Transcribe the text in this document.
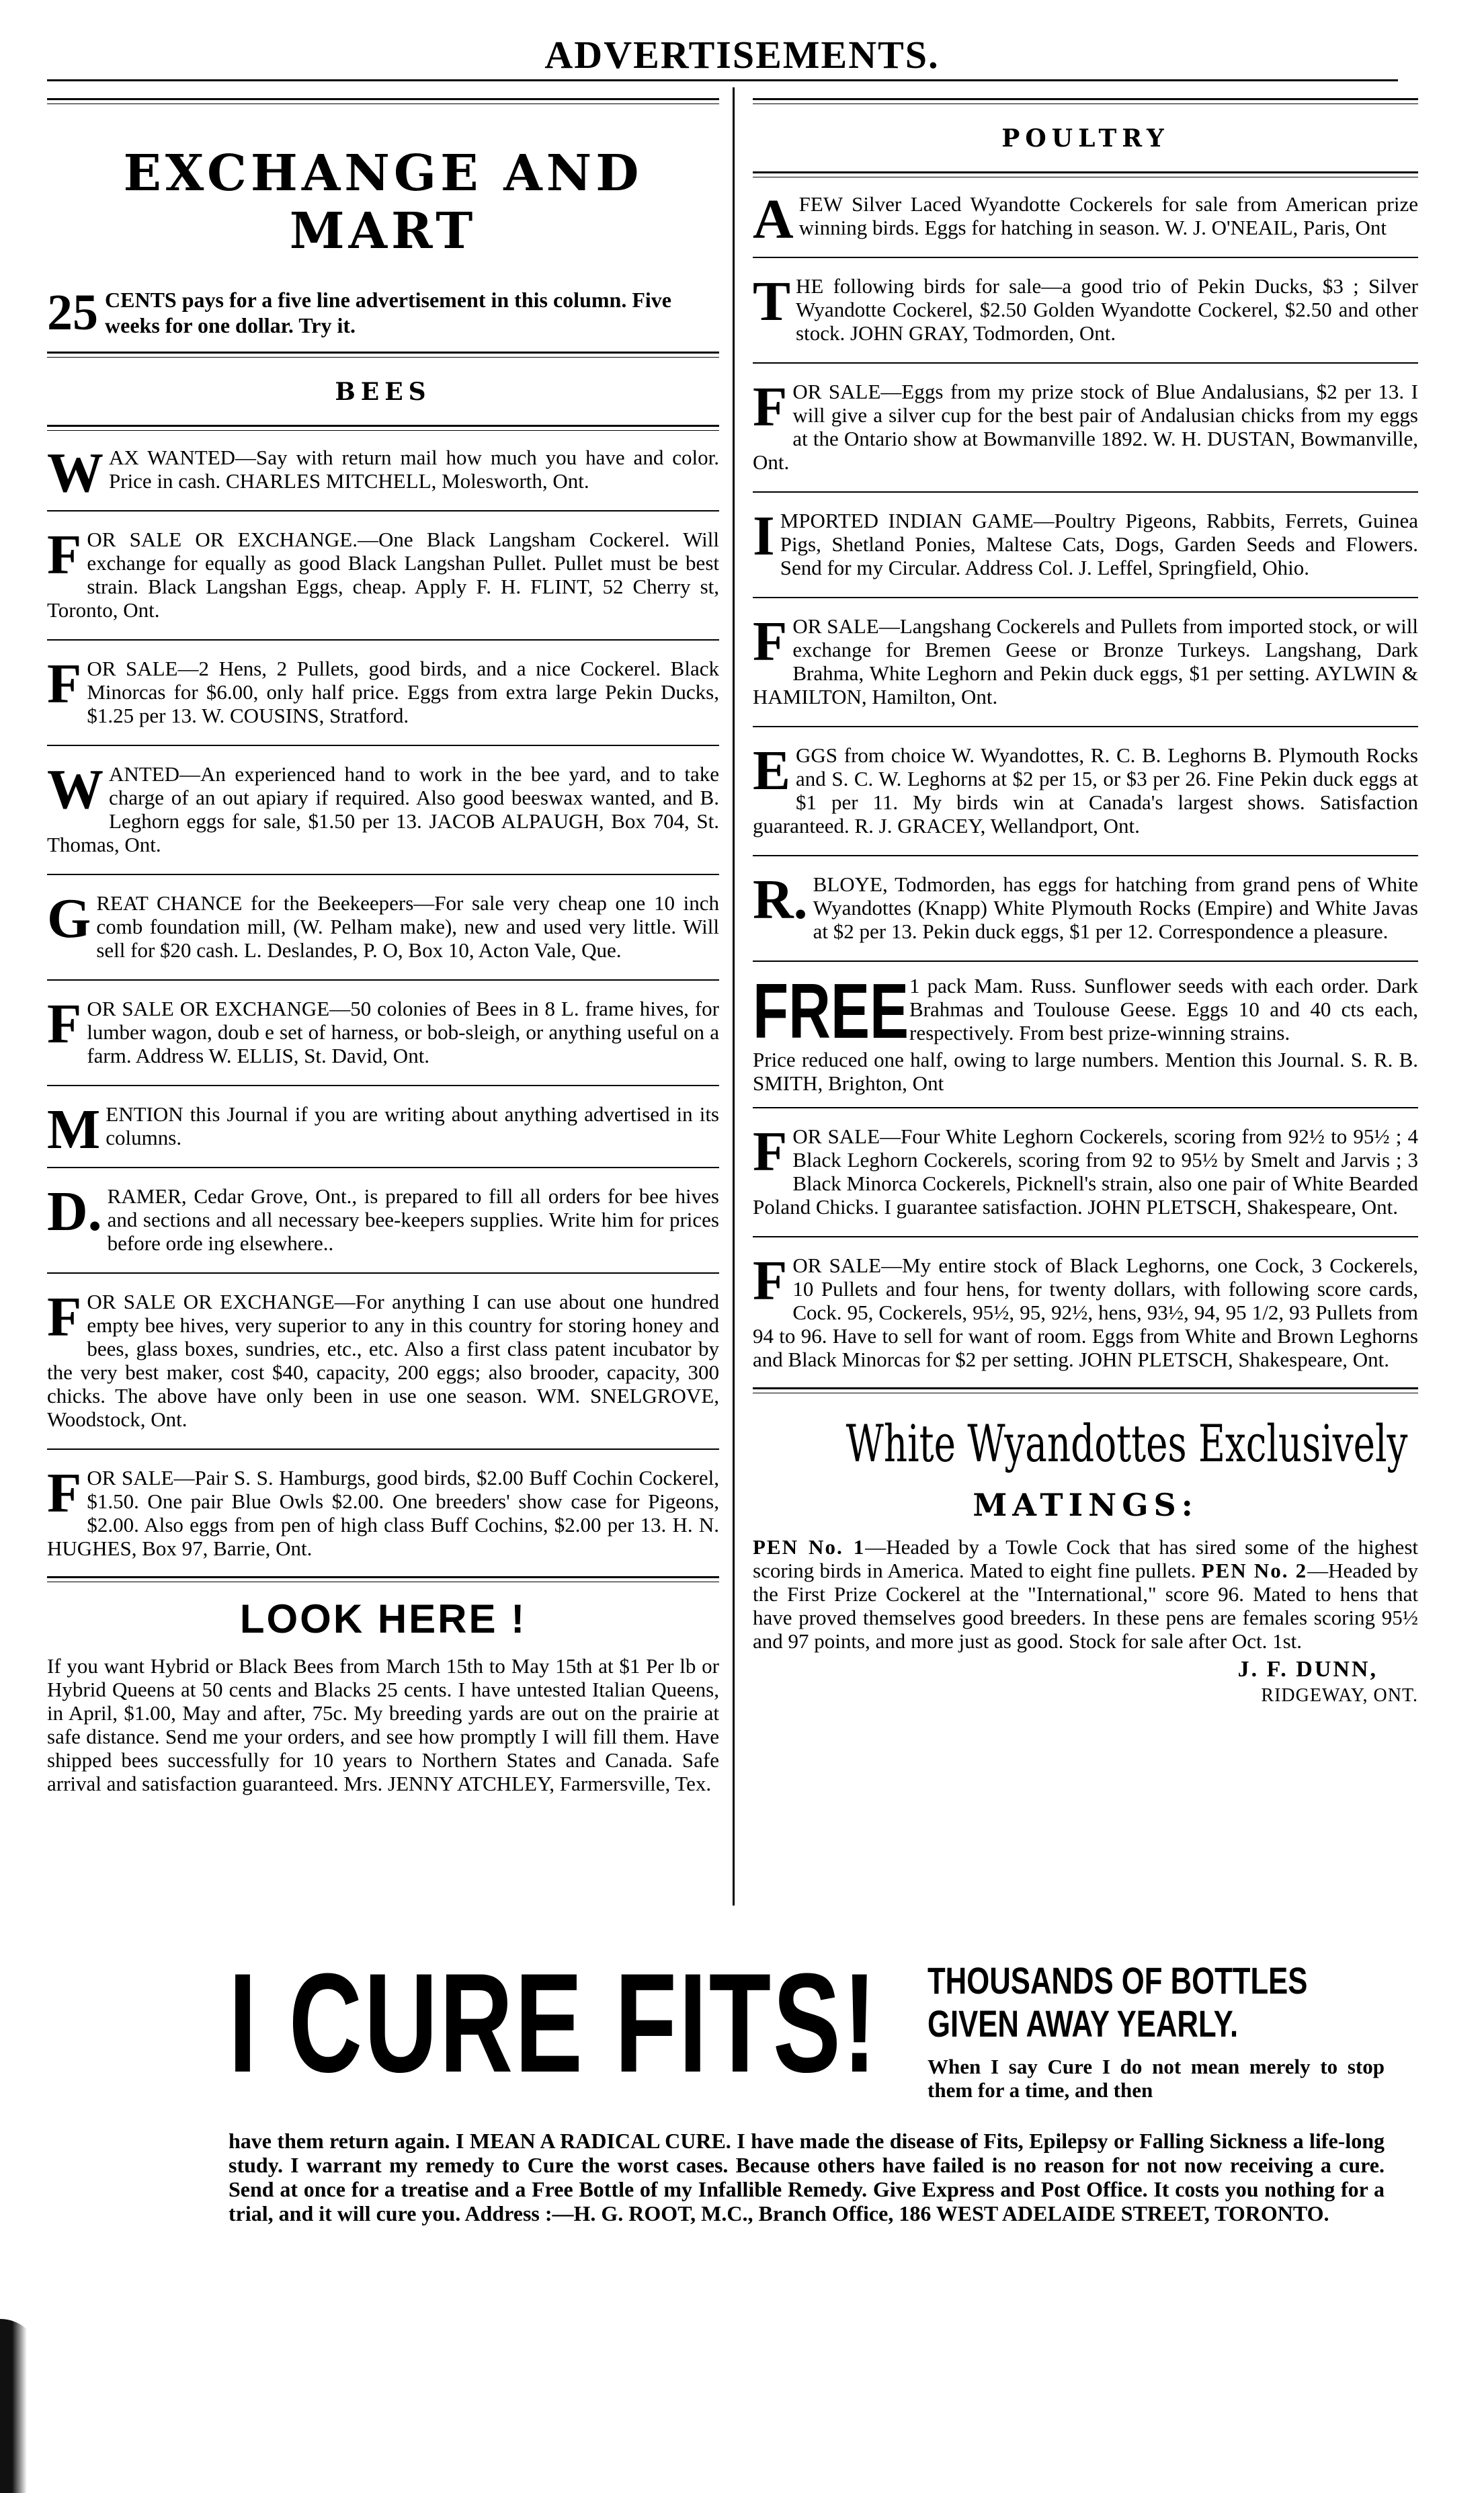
ADVERTISEMENTS.
EXCHANGE AND MART
25 CENTS pays for a five line advertisement in this column. Five weeks for one dollar. Try it.
BEES
WAX WANTED—Say with return mail how much you have and color. Price in cash. CHARLES MITCHELL, Molesworth, Ont.
FOR SALE OR EXCHANGE.—One Black Langsham Cockerel. Will exchange for equally as good Black Langshan Pullet. Pullet must be best strain. Black Langshan Eggs, cheap. Apply F. H. FLINT, 52 Cherry st, Toronto, Ont.
FOR SALE—2 Hens, 2 Pullets, good birds, and a nice Cockerel. Black Minorcas for $6.00, only half price. Eggs from extra large Pekin Ducks, $1.25 per 13. W. COUSINS, Stratford.
WANTED—An experienced hand to work in the bee yard, and to take charge of an out apiary if required. Also good beeswax wanted, and B. Leghorn eggs for sale, $1.50 per 13. JACOB ALPAUGH, Box 704, St. Thomas, Ont.
GREAT CHANCE for the Beekeepers—For sale very cheap one 10 inch comb foundation mill, (W. Pelham make), new and used very little. Will sell for $20 cash. L. Deslandes, P. O, Box 10, Acton Vale, Que.
FOR SALE OR EXCHANGE—50 colonies of Bees in 8 L. frame hives, for lumber wagon, doub e set of harness, or bob-sleigh, or anything useful on a farm. Address W. ELLIS, St. David, Ont.
MENTION this Journal if you are writing about anything advertised in its columns.
D.RAMER, Cedar Grove, Ont., is prepared to fill all orders for bee hives and sections and all necessary bee-keepers supplies. Write him for prices before orde ing elsewhere..
FOR SALE OR EXCHANGE—For anything I can use about one hundred empty bee hives, very superior to any in this country for storing honey and bees, glass boxes, sundries, etc., etc. Also a first class patent incubator by the very best maker, cost $40, capacity, 200 eggs; also brooder, capacity, 300 chicks. The above have only been in use one season. WM. SNELGROVE, Woodstock, Ont.
FOR SALE—Pair S. S. Hamburgs, good birds, $2.00 Buff Cochin Cockerel, $1.50. One pair Blue Owls $2.00. One breeders' show case for Pigeons, $2.00. Also eggs from pen of high class Buff Cochins, $2.00 per 13. H. N. HUGHES, Box 97, Barrie, Ont.
LOOK HERE !
If you want Hybrid or Black Bees from March 15th to May 15th at $1 Per lb or Hybrid Queens at 50 cents and Blacks 25 cents. I have untested Italian Queens, in April, $1.00, May and after, 75c. My breeding yards are out on the prairie at safe distance. Send me your orders, and see how promptly I will fill them. Have shipped bees successfully for 10 years to Northern States and Canada. Safe arrival and satisfaction guaranteed. Mrs. JENNY ATCHLEY, Farmersville, Tex.
POULTRY
AFEW Silver Laced Wyandotte Cockerels for sale from American prize winning birds. Eggs for hatching in season. W. J. O'NEAIL, Paris, Ont
THE following birds for sale—a good trio of Pekin Ducks, $3 ; Silver Wyandotte Cockerel, $2.50 Golden Wyandotte Cockerel, $2.50 and other stock. JOHN GRAY, Todmorden, Ont.
FOR SALE—Eggs from my prize stock of Blue Andalusians, $2 per 13. I will give a silver cup for the best pair of Andalusian chicks from my eggs at the Ontario show at Bowmanville 1892. W. H. DUSTAN, Bowmanville, Ont.
IMPORTED INDIAN GAME—Poultry Pigeons, Rabbits, Ferrets, Guinea Pigs, Shetland Ponies, Maltese Cats, Dogs, Garden Seeds and Flowers. Send for my Circular. Address Col. J. Leffel, Springfield, Ohio.
FOR SALE—Langshang Cockerels and Pullets from imported stock, or will exchange for Bremen Geese or Bronze Turkeys. Langshang, Dark Brahma, White Leghorn and Pekin duck eggs, $1 per setting. AYLWIN & HAMILTON, Hamilton, Ont.
EGGS from choice W. Wyandottes, R. C. B. Leghorns B. Plymouth Rocks and S. C. W. Leghorns at $2 per 15, or $3 per 26. Fine Pekin duck eggs at $1 per 11. My birds win at Canada's largest shows. Satisfaction guaranteed. R. J. GRACEY, Wellandport, Ont.
R.BLOYE, Todmorden, has eggs for hatching from grand pens of White Wyandottes (Knapp) White Plymouth Rocks (Empire) and White Javas at $2 per 13. Pekin duck eggs, $1 per 12. Correspondence a pleasure.
FREE 1 pack Mam. Russ. Sunflower seeds with each order. Dark Brahmas and Toulouse Geese. Eggs 10 and 40 cts each, respectively. From best prize-winning strains.
Price reduced one half, owing to large numbers. Mention this Journal. S. R. B. SMITH, Brighton, Ont
FOR SALE—Four White Leghorn Cockerels, scoring from 92½ to 95½ ; 4 Black Leghorn Cockerels, scoring from 92 to 95½ by Smelt and Jarvis ; 3 Black Minorca Cockerels, Picknell's strain, also one pair of White Bearded Poland Chicks. I guarantee satisfaction. JOHN PLETSCH, Shakespeare, Ont.
FOR SALE—My entire stock of Black Leghorns, one Cock, 3 Cockerels, 10 Pullets and four hens, for twenty dollars, with following score cards, Cock. 95, Cockerels, 95½, 95, 92½, hens, 93½, 94, 95 1/2, 93 Pullets from 94 to 96. Have to sell for want of room. Eggs from White and Brown Leghorns and Black Minorcas for $2 per setting. JOHN PLETSCH, Shakespeare, Ont.
White Wyandottes Exclusively
MATINGS:
PEN No. 1—Headed by a Towle Cock that has sired some of the highest scoring birds in America. Mated to eight fine pullets. PEN No. 2—Headed by the First Prize Cockerel at the "International," score 96. Mated to hens that have proved themselves good breeders. In these pens are females scoring 95½ and 97 points, and more just as good. Stock for sale after Oct. 1st.
J. F. DUNN,
RIDGEWAY, ONT.
I CURE FITS! THOUSANDS OF BOTTLES
GIVEN AWAY YEARLY.
When I say Cure I do not mean merely to stop them for a time, and then
have them return again. I MEAN A RADICAL CURE. I have made the disease of Fits, Epilepsy or Falling Sickness a life-long study. I warrant my remedy to Cure the worst cases. Because others have failed is no reason for not now receiving a cure. Send at once for a treatise and a Free Bottle of my Infallible Remedy. Give Express and Post Office. It costs you nothing for a trial, and it will cure you. Address :—H. G. ROOT, M.C., Branch Office, 186 WEST ADELAIDE STREET, TORONTO.
